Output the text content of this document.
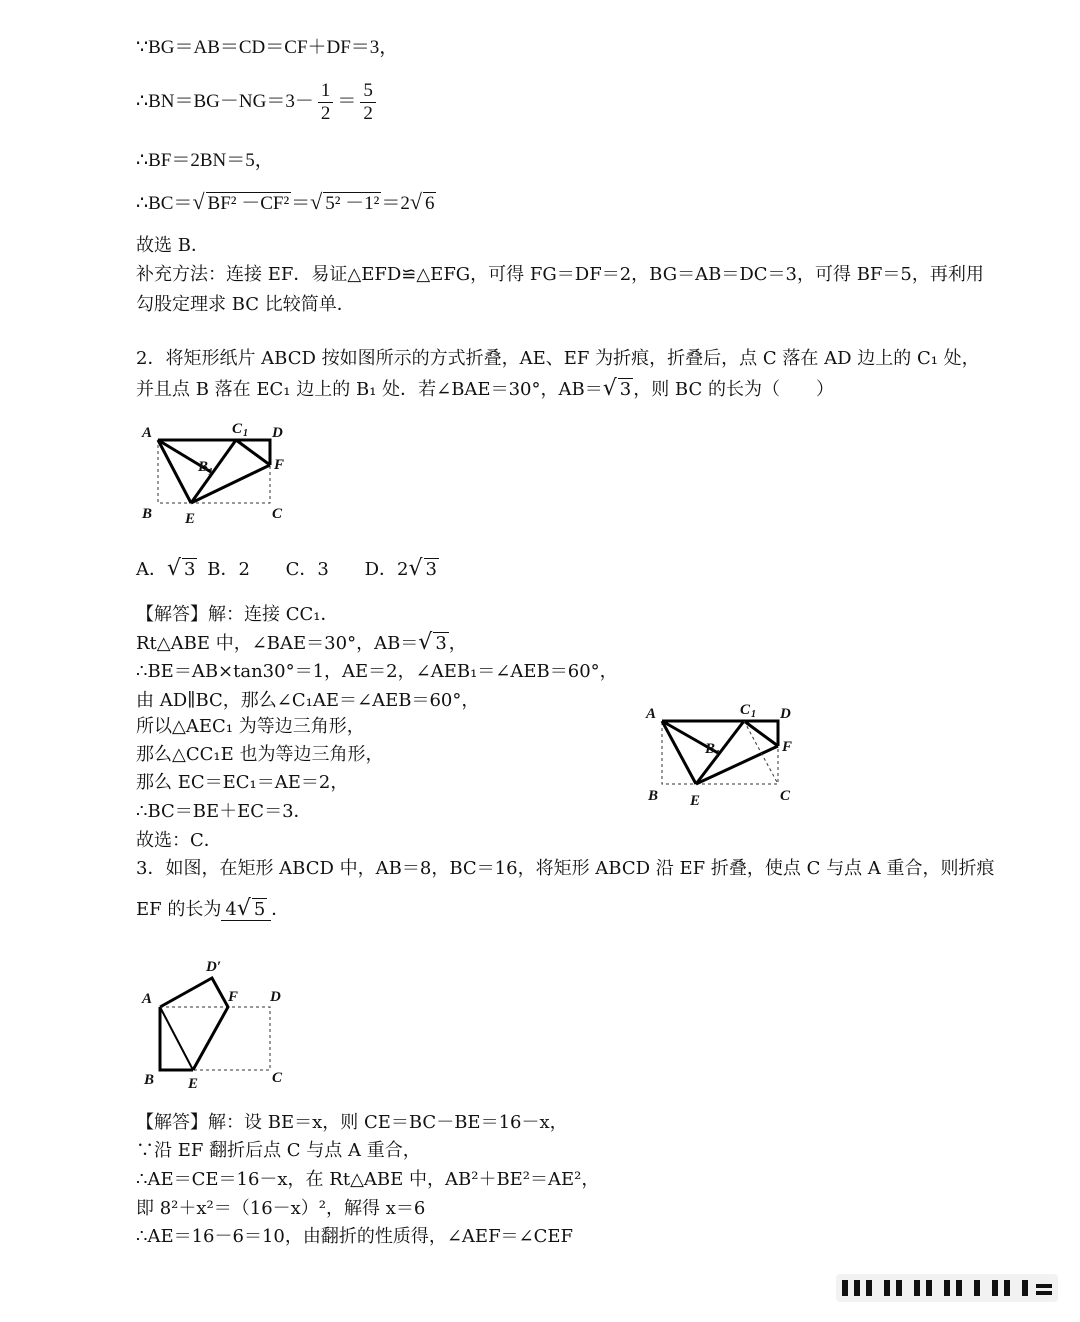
∵BG＝AB＝CD＝CF＋DF＝3，
∴BN＝BG－NG＝3－ $\frac{1}{2} = \frac{5}{2}$
∴BF＝2BN＝5，
∴BC＝√ BF² －CF² ＝√ 5² －1² ＝2√ 6
故选 B．
补充方法：连接 EF．易证△EFD≌△EFG，可得 FG＝DF＝2，BG＝AB＝DC＝3，可得 BF＝5，再利用
勾股定理求 BC 比较简单．
2．将矩形纸片 ABCD 按如图所示的方式折叠，AE、EF 为折痕，折叠后，点 C 落在 AD 边上的 C₁ 处，
并且点 B 落在 EC₁ 边上的 B₁ 处．若∠BAE＝30°，AB＝√ 3 ，则 BC 的长为（　　）
A
B	C
D
E
F
C 1
B 1
A．√ 3 B．2 C．3 D．2√ 3
【解答】解：连接 CC₁．
Rt△ABE 中，∠BAE＝30°，AB＝√ 3 ，
∴BE＝AB×tan30°＝1，AE＝2，∠AEB₁＝∠AEB＝60°，
由 AD∥BC，那么∠C₁AE＝∠AEB＝60°，
所以△AEC₁ 为等边三角形，
那么△CC₁E 也为等边三角形，
那么 EC＝EC₁＝AE＝2，
∴BC＝BE＋EC＝3．
故选：C．
A
B	C
D
E
F
C 1
B 1
3．如图，在矩形 ABCD 中，AB＝8，BC＝16，将矩形 ABCD 沿 EF 折叠，使点 C 与点 A 重合，则折痕
EF 的长为 4√ 5 ．
A
B	C
D
E
F
D′
【解答】解：设 BE＝x，则 CE＝BC－BE＝16－x，
∵沿 EF 翻折后点 C 与点 A 重合，
∴AE＝CE＝16－x，在 Rt△ABE 中，AB²＋BE²＝AE²，
即 8²＋x²＝（16－x）²，解得 x＝6
∴AE＝16－6＝10，由翻折的性质得，∠AEF＝∠CEF
